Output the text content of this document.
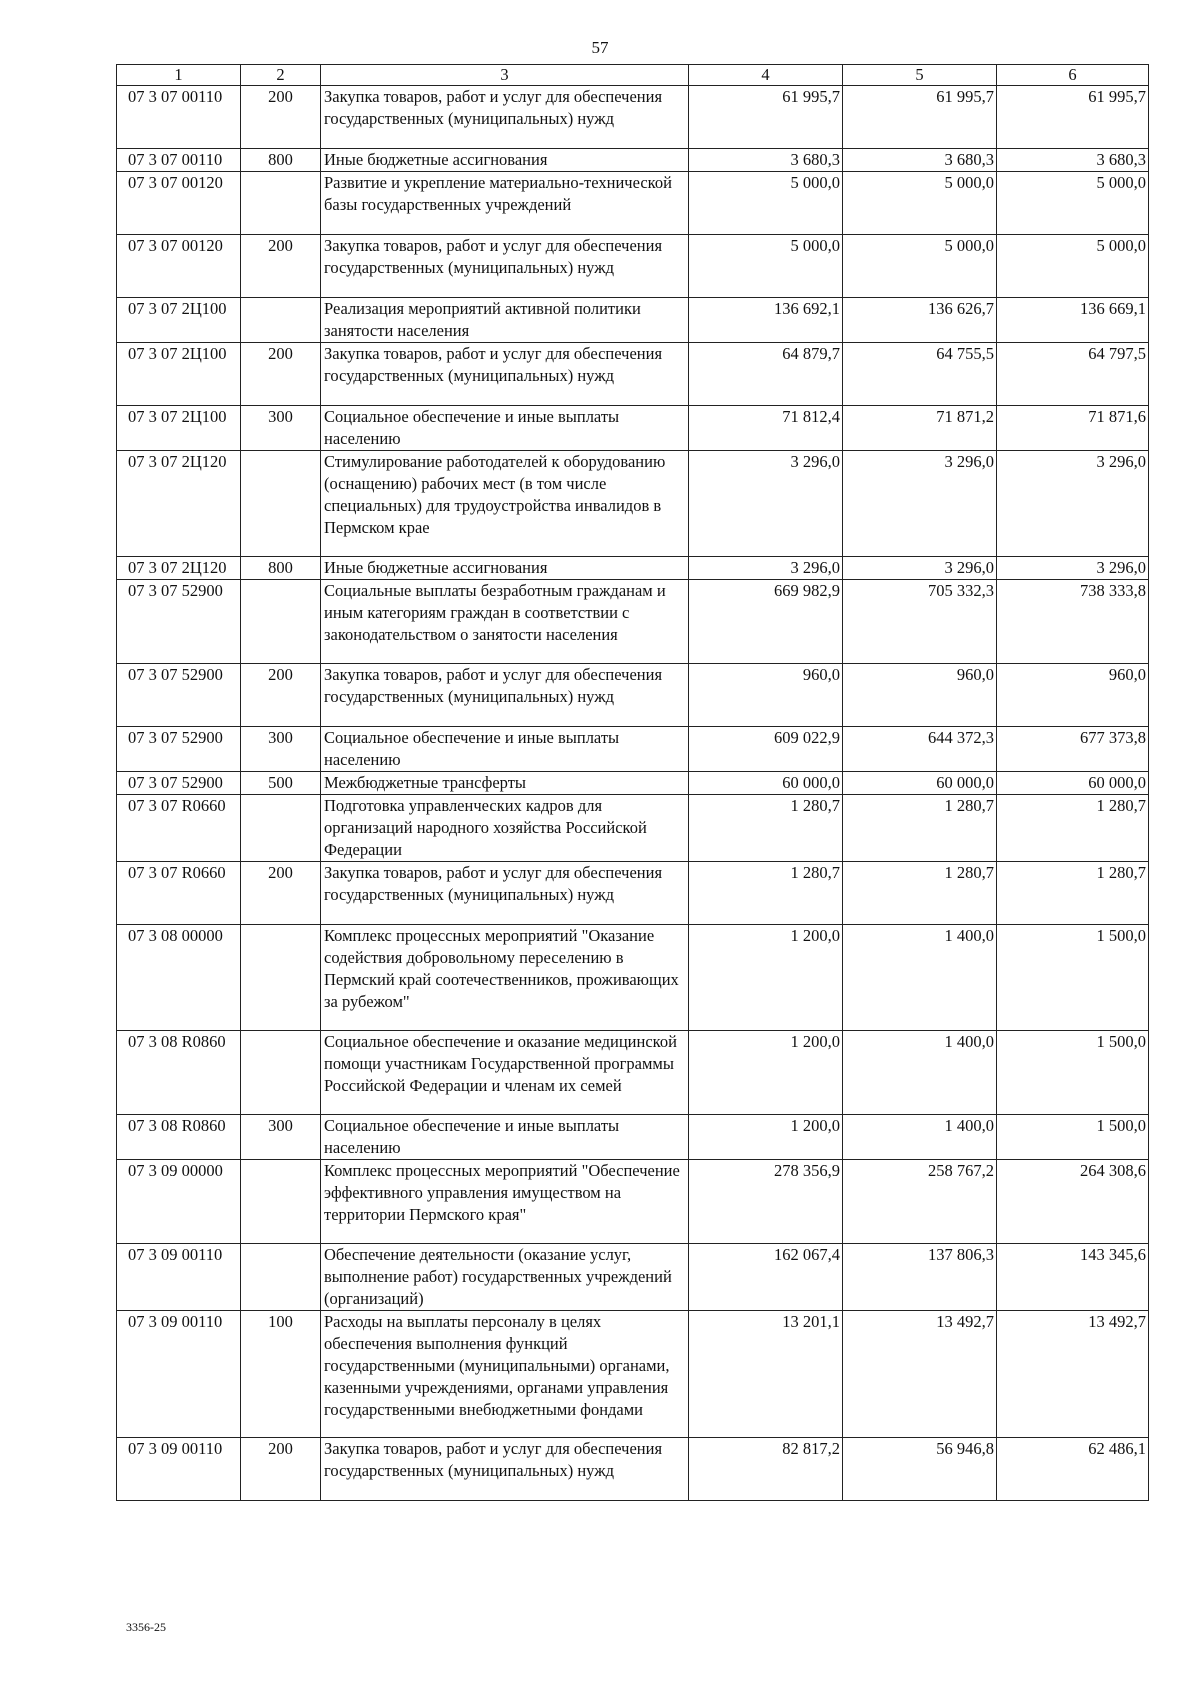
57
1	2	3	4	5	6
07 3 07 00110	200	Закупка товаров, работ и услуг для обеспечения государственных (муниципальных) нужд	61 995,7	61 995,7	61 995,7
07 3 07 00110	800	Иные бюджетные ассигнования	3 680,3	3 680,3	3 680,3
07 3 07 00120		Развитие и укрепление материально-технической базы государственных учреждений	5 000,0	5 000,0	5 000,0
07 3 07 00120	200	Закупка товаров, работ и услуг для обеспечения государственных (муниципальных) нужд	5 000,0	5 000,0	5 000,0
07 3 07 2Ц100		Реализация мероприятий активной политики занятости населения	136 692,1	136 626,7	136 669,1
07 3 07 2Ц100	200	Закупка товаров, работ и услуг для обеспечения государственных (муниципальных) нужд	64 879,7	64 755,5	64 797,5
07 3 07 2Ц100	300	Социальное обеспечение и иные выплаты населению	71 812,4	71 871,2	71 871,6
07 3 07 2Ц120		Стимулирование работодателей к оборудованию (оснащению) рабочих мест (в том числе специальных) для трудоустройства инвалидов в Пермском крае	3 296,0	3 296,0	3 296,0
07 3 07 2Ц120	800	Иные бюджетные ассигнования	3 296,0	3 296,0	3 296,0
07 3 07 52900		Социальные выплаты безработным гражданам и иным категориям граждан в соответствии с законодательством о занятости населения	669 982,9	705 332,3	738 333,8
07 3 07 52900	200	Закупка товаров, работ и услуг для обеспечения государственных (муниципальных) нужд	960,0	960,0	960,0
07 3 07 52900	300	Социальное обеспечение и иные выплаты населению	609 022,9	644 372,3	677 373,8
07 3 07 52900	500	Межбюджетные трансферты	60 000,0	60 000,0	60 000,0
07 3 07 R0660		Подготовка управленческих кадров для организаций народного хозяйства Российской Федерации	1 280,7	1 280,7	1 280,7
07 3 07 R0660	200	Закупка товаров, работ и услуг для обеспечения государственных (муниципальных) нужд	1 280,7	1 280,7	1 280,7
07 3 08 00000		Комплекс процессных мероприятий "Оказание содействия добровольному переселению в Пермский край соотечественников, проживающих за рубежом"	1 200,0	1 400,0	1 500,0
07 3 08 R0860		Социальное обеспечение и оказание медицинской помощи участникам Государственной программы Российской Федерации и членам их семей	1 200,0	1 400,0	1 500,0
07 3 08 R0860	300	Социальное обеспечение и иные выплаты населению	1 200,0	1 400,0	1 500,0
07 3 09 00000		Комплекс процессных мероприятий "Обеспечение эффективного управления имуществом на территории Пермского края"	278 356,9	258 767,2	264 308,6
07 3 09 00110		Обеспечение деятельности (оказание услуг, выполнение работ) государственных учреждений (организаций)	162 067,4	137 806,3	143 345,6
07 3 09 00110	100	Расходы на выплаты персоналу в целях обеспечения выполнения функций государственными (муниципальными) органами, казенными учреждениями, органами управления государственными внебюджетными фондами	13 201,1	13 492,7	13 492,7
07 3 09 00110	200	Закупка товаров, работ и услуг для обеспечения государственных (муниципальных) нужд	82 817,2	56 946,8	62 486,1
3356-25
